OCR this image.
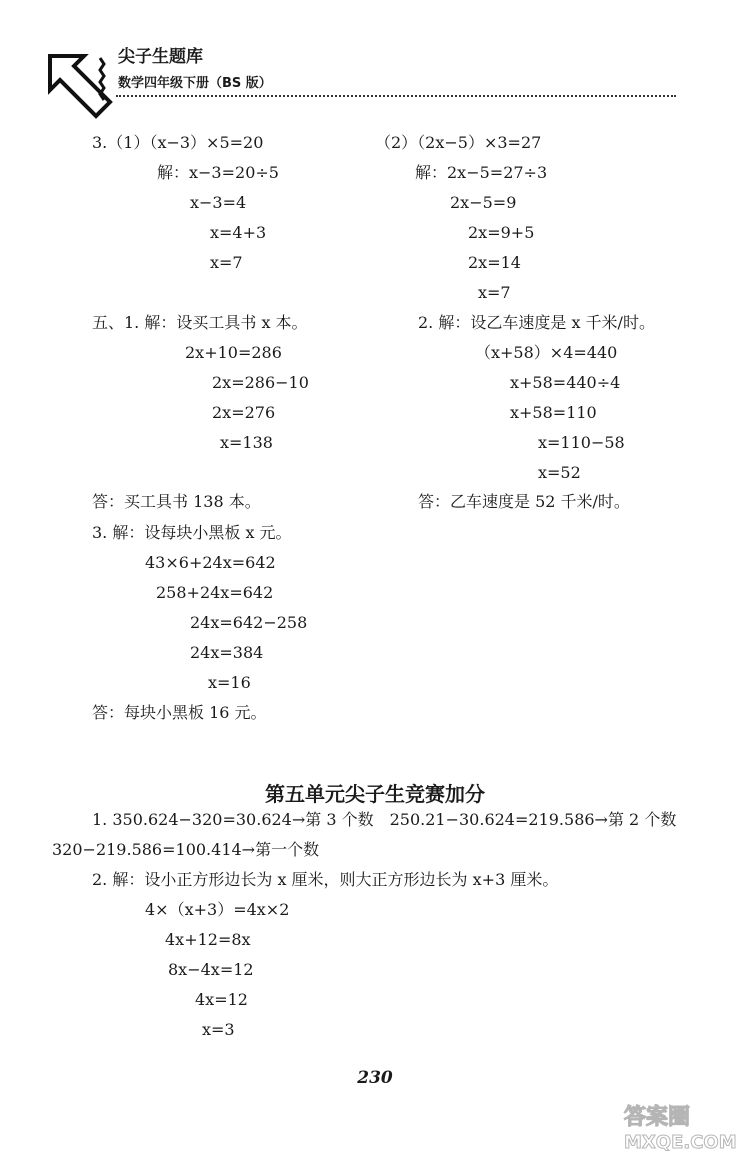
尖子生题库
数学四年级下册（BS 版）
3.（1）（x−3）×5=20
解：x−3=20÷5
x−3=4
x=4+3
x=7
（2）（2x−5）×3=27
解：2x−5=27÷3
2x−5=9
2x=9+5
2x=14
x=7
五、1. 解：设买工具书 x 本。
2x+10=286
2x=286−10
2x=276
x=138
答：买工具书 138 本。
2. 解：设乙车速度是 x 千米/时。
（x+58）×4=440
x+58=440÷4
x+58=110
x=110−58
x=52
答：乙车速度是 52 千米/时。
3. 解：设每块小黑板 x 元。
43×6+24x=642
258+24x=642
24x=642−258
24x=384
x=16
答：每块小黑板 16 元。
第五单元尖子生竞赛加分
1. 350.624−320=30.624→第 3 个数　250.21−30.624=219.586→第 2 个数
320−219.586=100.414→第一个数
2. 解：设小正方形边长为 x 厘米，则大正方形边长为 x+3 厘米。
4×（x+3）=4x×2
4x+12=8x
8x−4x=12
4x=12
x=3
230
答案圈
MXQE.COM
